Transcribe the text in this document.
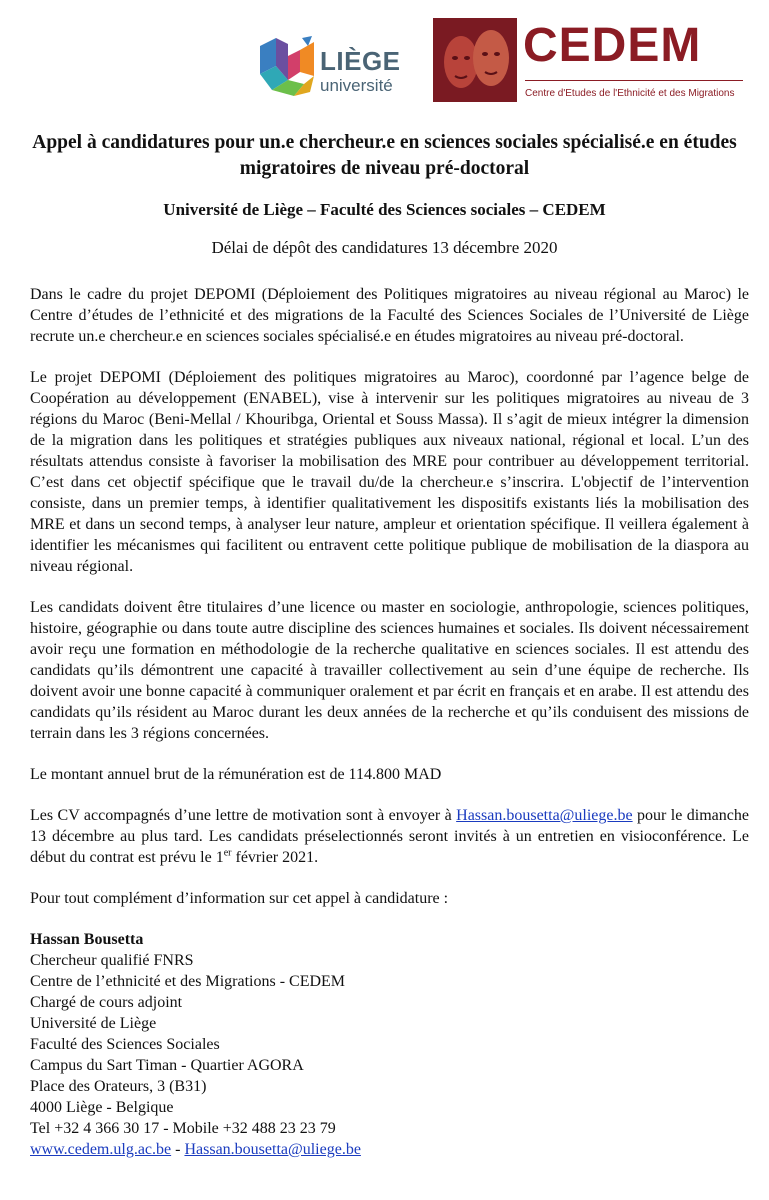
LIÈGE
université
CEDEM
Centre d'Etudes de l'Ethnicité et des Migrations
Appel à candidatures pour un.e chercheur.e en sciences sociales spécialisé.e en études migratoires de niveau pré-doctoral
Université de Liège – Faculté des Sciences sociales – CEDEM
Délai de dépôt des candidatures 13 décembre 2020

Dans le cadre du projet DEPOMI (Déploiement des Politiques migratoires au niveau régional au Maroc) le Centre d’études de l’ethnicité et des migrations de la Faculté des Sciences Sociales de l’Université de Liège recrute un.e chercheur.e en sciences sociales spécialisé.e en études migratoires au niveau pré-doctoral.

Le projet DEPOMI (Déploiement des politiques migratoires au Maroc), coordonné par l’agence belge de Coopération au développement (ENABEL), vise à intervenir sur les politiques migratoires au niveau de 3 régions du Maroc (Beni-Mellal / Khouribga, Oriental et Souss Massa). Il s’agit de mieux intégrer la dimension de la migration dans les politiques et stratégies publiques aux niveaux national, régional et local. L’un des résultats attendus consiste à favoriser la mobilisation des MRE pour contribuer au développement territorial. C’est dans cet objectif spécifique que le travail du/de la chercheur.e s’inscrira. L'objectif de l’intervention consiste, dans un premier temps, à identifier qualitativement les dispositifs existants liés la mobilisation des MRE et dans un second temps, à analyser leur nature, ampleur et orientation spécifique. Il veillera également à identifier les mécanismes qui facilitent ou entravent cette politique publique de mobilisation de la diaspora au niveau régional.

Les candidats doivent être titulaires d’une licence ou master en sociologie, anthropologie, sciences politiques, histoire, géographie ou dans toute autre discipline des sciences humaines et sociales. Ils doivent nécessairement avoir reçu une formation en méthodologie de la recherche qualitative en sciences sociales. Il est attendu des candidats qu’ils démontrent une capacité à travailler collectivement au sein d’une équipe de recherche. Ils doivent avoir une bonne capacité à communiquer oralement et par écrit en français et en arabe. Il est attendu des candidats qu’ils résident au Maroc durant les deux années de la recherche et qu’ils conduisent des missions de terrain dans les 3 régions concernées.

Le montant annuel brut de la rémunération est de 114.800 MAD

Les CV accompagnés d’une lettre de motivation sont à envoyer à Hassan.bousetta@uliege.be pour le dimanche 13 décembre au plus tard. Les candidats préselectionnés seront invités à un entretien en visioconférence. Le début du contrat est prévu le 1er février 2021.

Pour tout complément d’information sur cet appel à candidature :

Hassan Bousetta
Chercheur qualifié FNRS
Centre de l’ethnicité et des Migrations - CEDEM
Chargé de cours adjoint
Université de Liège
Faculté des Sciences Sociales
Campus du Sart Timan - Quartier AGORA
Place des Orateurs, 3 (B31)
4000 Liège - Belgique
Tel +32 4 366 30 17 - Mobile +32 488 23 23 79
www.cedem.ulg.ac.be - Hassan.bousetta@uliege.be
